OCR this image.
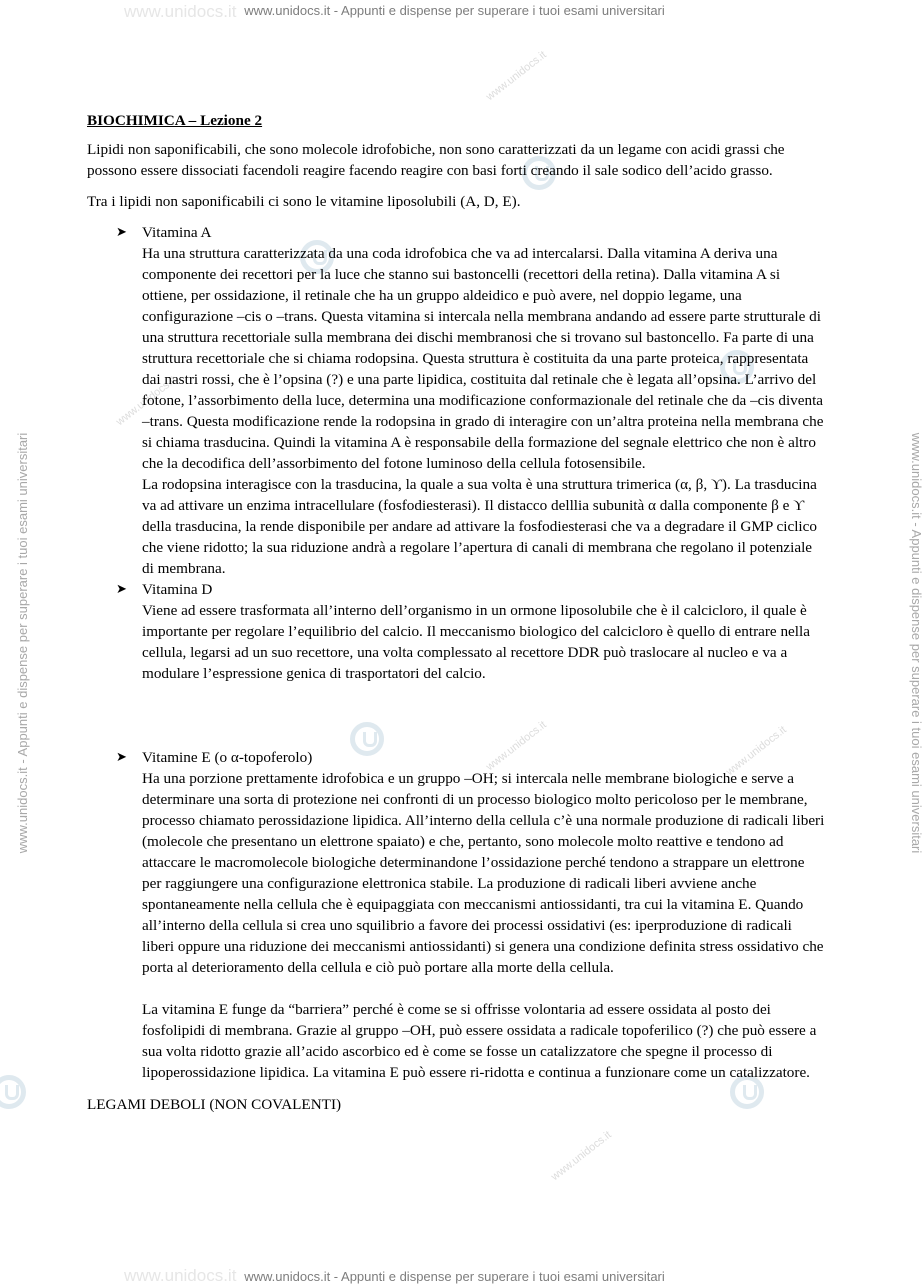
www.unidocs.it
www.unidocs.it
www.unidocs.it - Appunti e dispense per superare i tuoi esami universitari
www.unidocs.it - Appunti e dispense per superare i tuoi esami universitari
www.unidocs.it - Appunti e dispense per superare i tuoi esami universitari	www.unidocs.it - Appunti e dispense per superare i tuoi esami universitari
www.unidocs.it
www.unidocs.it
www.unidocs.it
www.unidocs.it
www.unidocs.it

BIOCHIMICA – Lezione 2

Lipidi non saponificabili, che sono molecole idrofobiche, non sono caratterizzati da un legame con acidi grassi che possono essere dissociati facendoli reagire facendo reagire con basi forti creando il sale sodico dell’acido grasso.

Tra i lipidi non saponificabili ci sono le vitamine liposolubili (A, D, E).

➤ Vitamina A

Ha una struttura caratterizzata da una coda idrofobica che va ad intercalarsi. Dalla vitamina A deriva una componente dei recettori per la luce che stanno sui bastoncelli (recettori della retina). Dalla vitamina A si ottiene, per ossidazione, il retinale che ha un gruppo aldeidico e può avere, nel doppio legame, una configurazione –cis o –trans. Questa vitamina si intercala nella membrana andando ad essere parte strutturale di una struttura recettoriale sulla membrana dei dischi membranosi che si trovano sul bastoncello. Fa parte di una struttura recettoriale che si chiama rodopsina. Questa struttura è costituita da una parte proteica, rappresentata dai nastri rossi, che è l’opsina (?) e una parte lipidica, costituita dal retinale che è legata all’opsina. L’arrivo del fotone, l’assorbimento della luce, determina una modificazione conformazionale del retinale che da –cis diventa –trans. Questa modificazione rende la rodopsina in grado di interagire con un’altra proteina nella membrana che si chiama trasducina. Quindi la vitamina A è responsabile della formazione del segnale elettrico che non è altro che la decodifica dell’assorbimento del fotone luminoso della cellula fotosensibile.

La rodopsina interagisce con la trasducina, la quale a sua volta è una struttura trimerica (α, β, ϒ). La trasducina va ad attivare un enzima intracellulare (fosfodiesterasi). Il distacco delllia subunità α dalla componente β e ϒ della trasducina, la rende disponibile per andare ad attivare la fosfodiesterasi che va a degradare il GMP ciclico che viene ridotto; la sua riduzione andrà a regolare l’apertura di canali di membrana che regolano il potenziale di membrana.

➤ Vitamina D

Viene ad essere trasformata all’interno dell’organismo in un ormone liposolubile che è il calcicloro, il quale è importante per regolare l’equilibrio del calcio. Il meccanismo biologico del calcicloro è quello di entrare nella cellula, legarsi ad un suo recettore, una volta complessato al recettore DDR può traslocare al nucleo e va a modulare l’espressione genica di trasportatori del calcio.

➤ Vitamine E (o α-topoferolo)

Ha una porzione prettamente idrofobica e un gruppo –OH; si intercala nelle membrane biologiche e serve a determinare una sorta di protezione nei confronti di un processo biologico molto pericoloso per le membrane, processo chiamato perossidazione lipidica. All’interno della cellula c’è una normale produzione di radicali liberi (molecole che presentano un elettrone spaiato) e che, pertanto, sono molecole molto reattive e tendono ad attaccare le macromolecole biologiche determinandone l’ossidazione perché tendono a strappare un elettrone per raggiungere una configurazione elettronica stabile. La produzione di radicali liberi avviene anche spontaneamente nella cellula che è equipaggiata con meccanismi antiossidanti, tra cui la vitamina E. Quando all’interno della cellula si crea uno squilibrio a favore dei processi ossidativi (es: iperproduzione di radicali liberi oppure una riduzione dei meccanismi antiossidanti) si genera una condizione definita stress ossidativo che porta al deterioramento della cellula e ciò può portare alla morte della cellula.

La vitamina E funge da “barriera” perché è come se si offrisse volontaria ad essere ossidata al posto dei fosfolipidi di membrana. Grazie al gruppo –OH, può essere ossidata a radicale topoferilico (?) che può essere a sua volta ridotto grazie all’acido ascorbico ed è come se fosse un catalizzatore che spegne il processo di lipoperossidazione lipidica. La vitamina E può essere ri-ridotta e continua a funzionare come un catalizzatore.

LEGAMI DEBOLI (NON COVALENTI)
